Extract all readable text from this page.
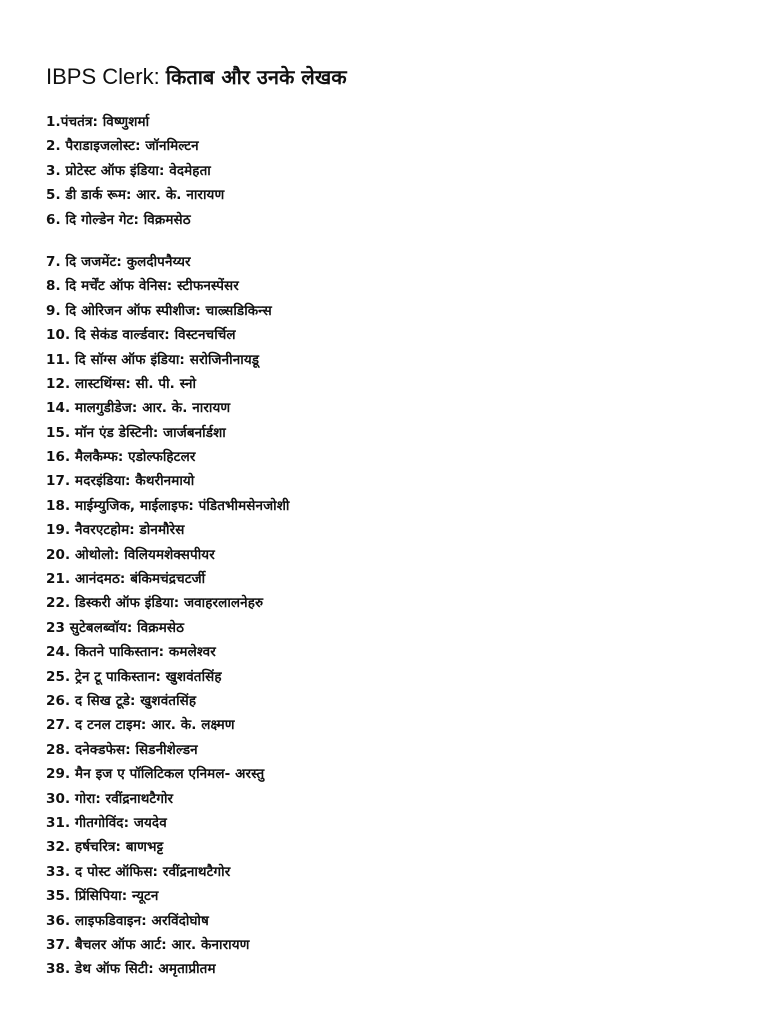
IBPS Clerk: किताब और उनके लेखक
1.पंचतंत्र: विष्णुशर्मा
2. पैराडाइजलोस्ट: जॉनमिल्टन
3. प्रोटेस्ट ऑफ इंडिया: वेदमेहता
5. डी डार्क रूम: आर. के. नारायण
6. दि गोल्डेन गेट: विक्रमसेठ
7. दि जजमेंट: कुलदीपनैय्यर
8. दि मर्चेंट ऑफ वेनिस: स्टीफनस्पेंसर
9. दि ओरिजन ऑफ स्पीशीज: चाल्र्सडिकिन्स
10. दि सेकंड वार्ल्डवार: विस्टनचर्चिल
11. दि सॉग्स ऑफ इंडिया: सरोजिनीनायडू
12. लास्टथिंग्स: सी. पी. स्नो
14. मालगुडीडेज: आर. के. नारायण
15. मॉन एंड डेस्टिनी: जार्जबर्नार्डशा
16. मैलकैम्फ: एडोल्फहिटलर
17. मदरइंडिया: कैथरीनमायो
18. माईम्युजिक, माईलाइफ: पंडितभीमसेनजोशी
19. नैवरएटहोम: डोनमौरेस
20. ओथोलो: विलियमशेक्सपीयर
21. आनंदमठ: बंकिमचंद्रचटर्जी
22. डिस्करी ऑफ इंडिया: जवाहरलालनेहरु
23 सुटेबलब्वॉय: विक्रमसेठ
24. कितने पाकिस्तान: कमलेश्वर
25. ट्रेन टू पाकिस्तान: खुशवंतसिंह
26. द सिख टूडे: खुशवंतसिंह
27. द टनल टाइम: आर. के. लक्ष्मण
28. दनेक्डफेस: सिडनीशेल्डन
29. मैन इज ए पॉलिटिकल एनिमल- अरस्तु
30. गोरा: रवींद्रनाथटैगोर
31. गीतगोविंद: जयदेव
32. हर्षचरित्र: बाणभट्ट
33. द पोस्ट ऑफिस: रवींद्रनाथटैगोर
35. प्रिंसिपिया: न्यूटन
36. लाइफडिवाइन: अरविंदोघोष
37. बैचलर ऑफ आर्ट: आर. केनारायण
38. डेथ ऑफ सिटी: अमृताप्रीतम
